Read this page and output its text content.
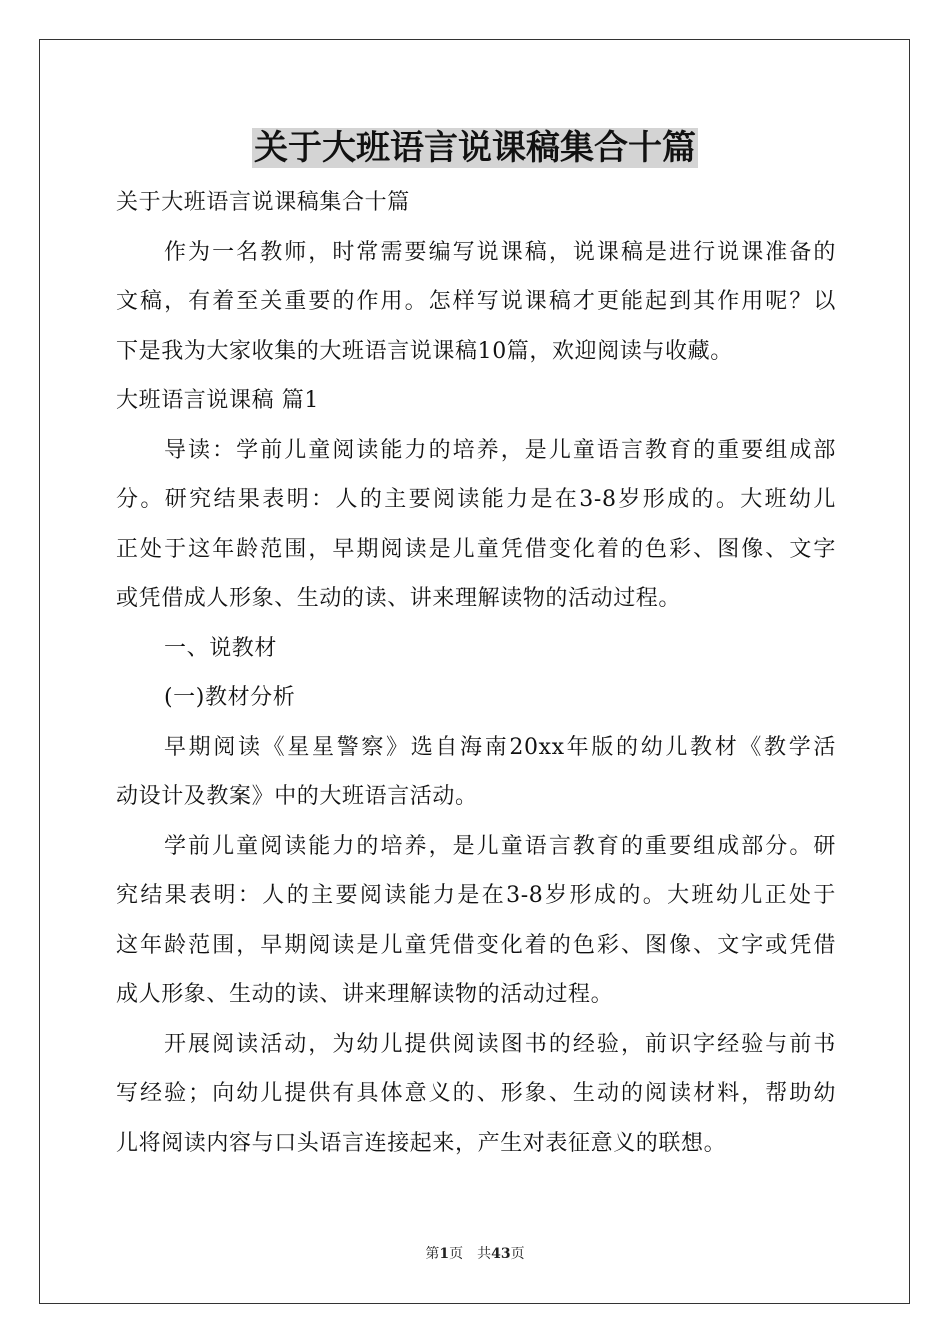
关于大班语言说课稿集合十篇
关于大班语言说课稿集合十篇
作为一名教师，时常需要编写说课稿，说课稿是进行说课准备的
文稿，有着至关重要的作用。怎样写说课稿才更能起到其作用呢？以
下是我为大家收集的大班语言说课稿10篇，欢迎阅读与收藏。
大班语言说课稿 篇1
导读：学前儿童阅读能力的培养，是儿童语言教育的重要组成部
分。研究结果表明：人的主要阅读能力是在3-8岁形成的。大班幼儿
正处于这年龄范围，早期阅读是儿童凭借变化着的色彩、图像、文字
或凭借成人形象、生动的读、讲来理解读物的活动过程。
一、说教材
(一)教材分析
早期阅读《星星警察》选自海南20xx年版的幼儿教材《教学活
动设计及教案》中的大班语言活动。
学前儿童阅读能力的培养，是儿童语言教育的重要组成部分。研
究结果表明：人的主要阅读能力是在3-8岁形成的。大班幼儿正处于
这年龄范围，早期阅读是儿童凭借变化着的色彩、图像、文字或凭借
成人形象、生动的读、讲来理解读物的活动过程。
开展阅读活动，为幼儿提供阅读图书的经验，前识字经验与前书
写经验；向幼儿提供有具体意义的、形象、生动的阅读材料，帮助幼
儿将阅读内容与口头语言连接起来，产生对表征意义的联想。
第1页　共43页
